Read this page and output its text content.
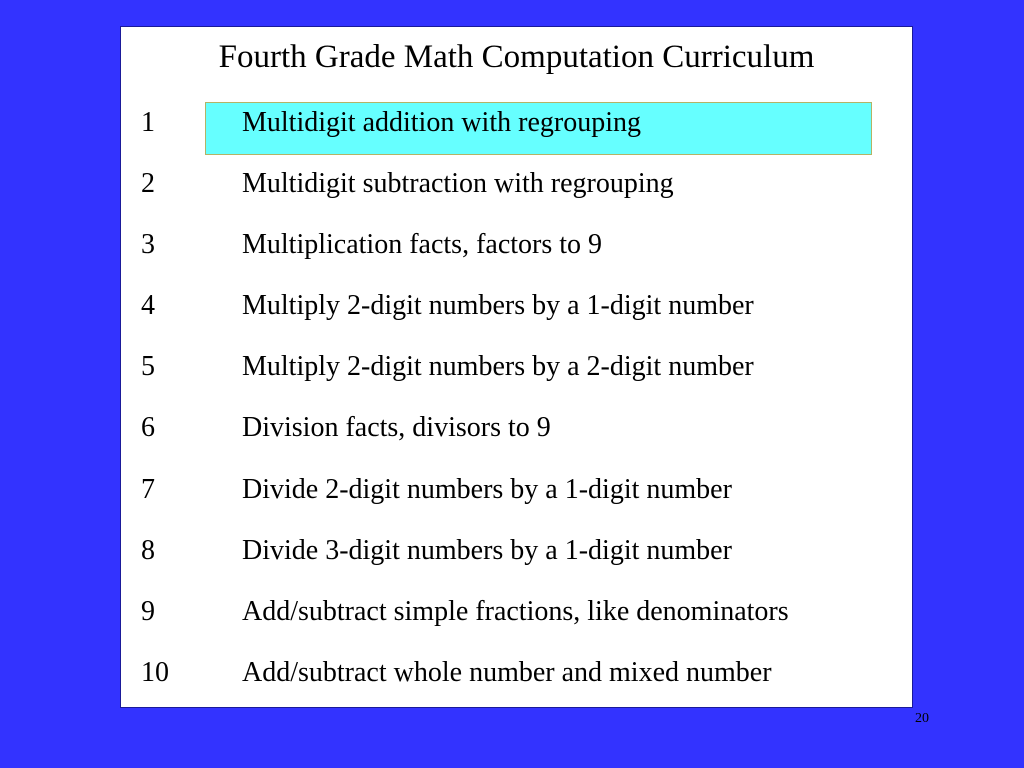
Fourth Grade Math Computation Curriculum
1	Multidigit addition with regrouping
2	Multidigit subtraction with regrouping
3	Multiplication facts, factors to 9
4	Multiply 2-digit numbers by a 1-digit number
5	Multiply 2-digit numbers by a 2-digit number
6	Division facts, divisors to 9
7	Divide 2-digit numbers by a 1-digit number
8	Divide 3-digit numbers by a 1-digit number
9	Add/subtract simple fractions, like denominators
10	Add/subtract whole number and mixed number
20
